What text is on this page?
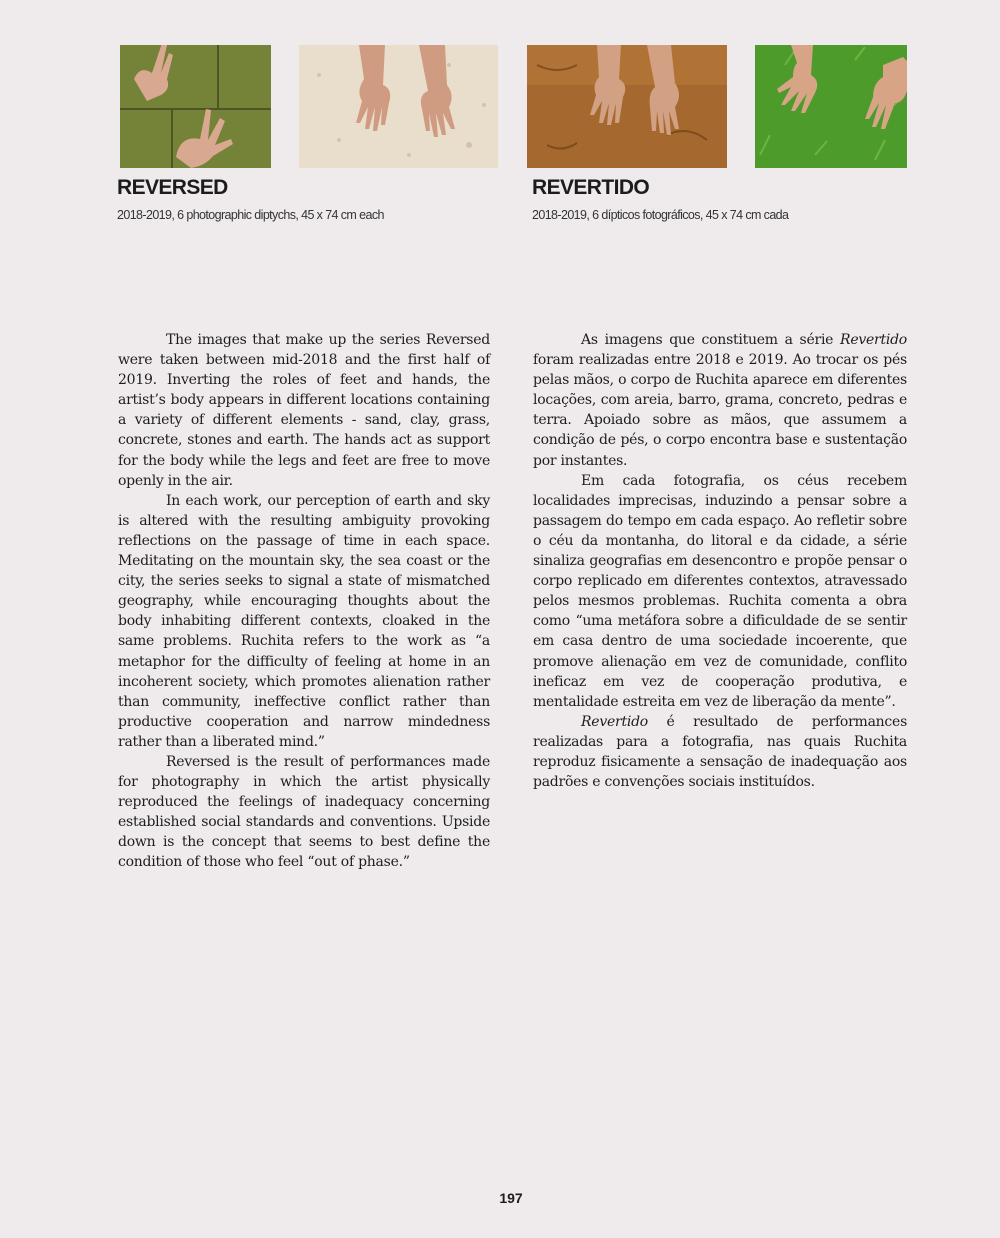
REVERSED

2018-2019, 6 photographic diptychs, 45 x 74 cm each

REVERTIDO

2018-2019, 6 dípticos fotográficos, 45 x 74 cm cada

The images that make up the series Reversed were taken between mid-2018 and the first half of 2019. Inverting the roles of feet and hands, the artist’s body appears in different locations containing a variety of different elements - sand, clay, grass, concrete, stones and earth. The hands act as support for the body while the legs and feet are free to move openly in the air.

In each work, our perception of earth and sky is altered with the resulting ambiguity provoking reflections on the passage of time in each space. Meditating on the mountain sky, the sea coast or the city, the series seeks to signal a state of mismatched geography, while encouraging thoughts about the body inhabiting different contexts, cloaked in the same problems. Ruchita refers to the work as “a metaphor for the difficulty of feeling at home in an incoherent society, which promotes alienation rather than community, ineffective conflict rather than productive cooperation and narrow mindedness rather than a liberated mind.”

Reversed is the result of performances made for photography in which the artist physically reproduced the feelings of inadequacy concerning established social standards and conventions. Upside down is the concept that seems to best define the condition of those who feel “out of phase.”

As imagens que constituem a série Revertido foram realizadas entre 2018 e 2019. Ao trocar os pés pelas mãos, o corpo de Ruchita aparece em diferentes locações, com areia, barro, grama, concreto, pedras e terra. Apoiado sobre as mãos, que assumem a condição de pés, o corpo encontra base e sustentação por instantes.

Em cada fotografia, os céus recebem localidades imprecisas, induzindo a pensar sobre a passagem do tempo em cada espaço. Ao refletir sobre o céu da montanha, do litoral e da cidade, a série sinaliza geografias em desencontro e propõe pensar o corpo replicado em diferentes contextos, atravessado pelos mesmos problemas. Ruchita comenta a obra como “uma metáfora sobre a dificuldade de se sentir em casa dentro de uma sociedade incoerente, que promove alienação em vez de comunidade, conflito ineficaz em vez de cooperação produtiva, e mentalidade estreita em vez de liberação da mente”.

Revertido é resultado de performances realizadas para a fotografia, nas quais Ruchita reproduz fisicamente a sensação de inadequação aos padrões e convenções sociais instituídos.

197
